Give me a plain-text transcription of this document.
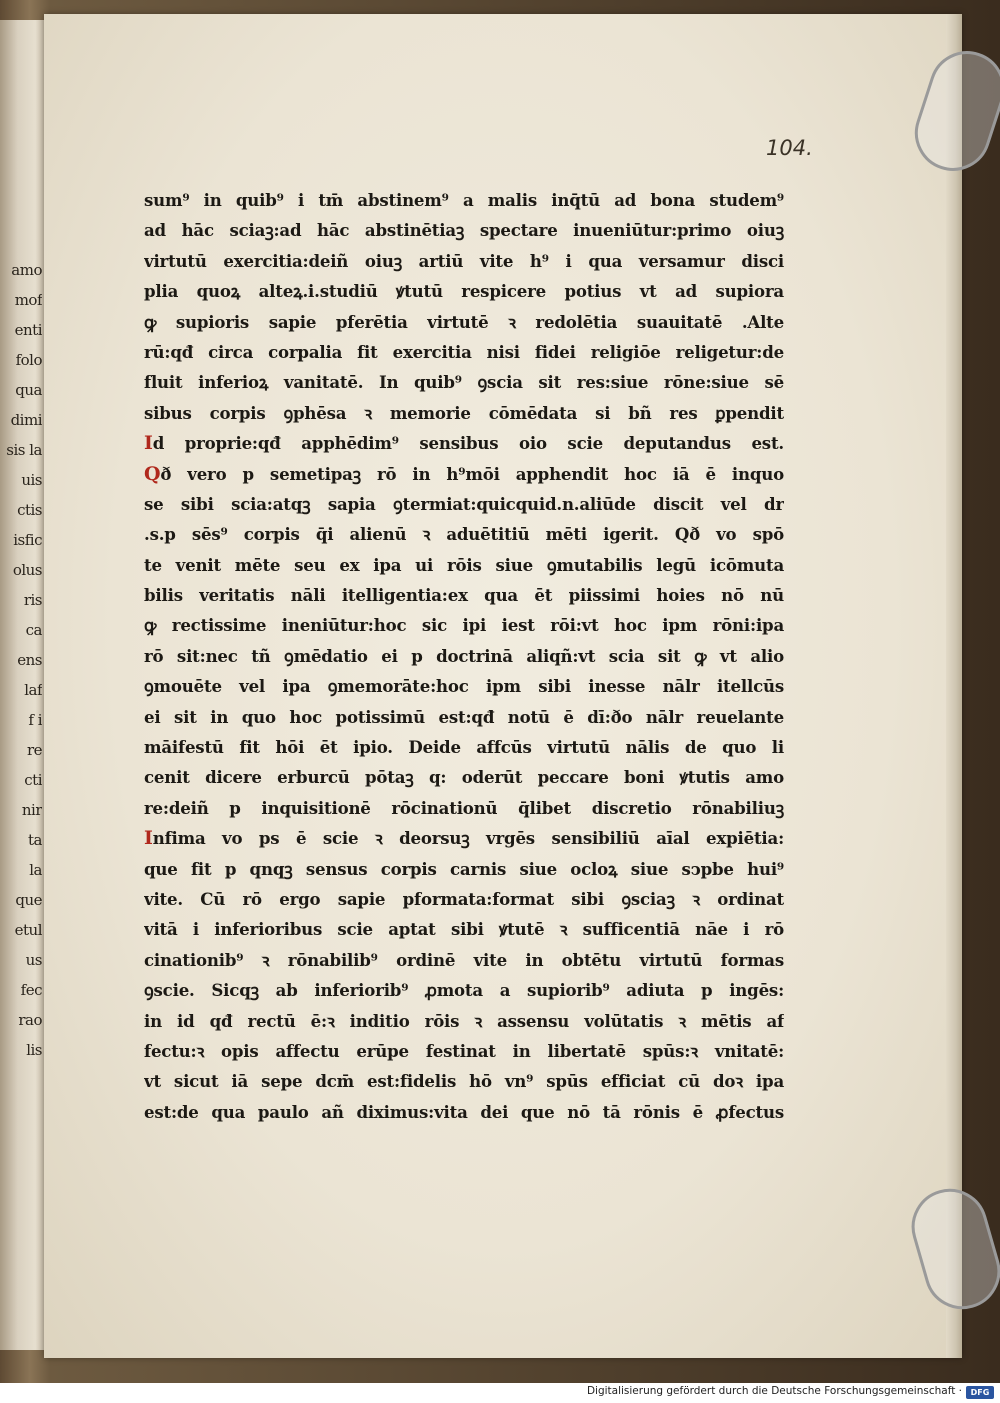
amo
mof
enti
folo
qua
dimi
sis la
uis
ctis
isfic
olus
ris
ca
ens
laf
f i
re
cti
nir
ta
la
que
etul
us
fec
rao
lis
104.
sum⁹ in quib⁹ i tm̄ abstinem⁹ a malis inq̄tū ad bona studem⁹
ad hāc sciaꝫ:ad hāc abstinētiaꝫ spectare inueniūtur:primo oiuꝫ
virtutū exercitia:deiñ oiuꝫ artiū vite h⁹ i qua versamur disci
plia quoꝝ alteꝝ.i.studiū ꝟtutū respicere potius vt ad supiora
ꝙ supioris sapie pferētia virtutē ꝛ redolētia suauitatē .Alte
rū:qđ circa corpalia fit exercitia nisi fidei religiōe religetur:de
fluit inferioꝝ vanitatē. In quib⁹ ꝯscia sit res:siue rōne:siue sē
sibus corpis ꝯphēsa ꝛ memorie cōmēdata si bñ res ꝑpendit
Id proprie:qđ apphēdim⁹ sensibus oio scie deputandus est.
Qð vero p semetipaꝫ rō in h⁹mōi apphendit hoc iā ē inquo
se sibi scia:atqꝫ sapia ꝯtermiat:quicquid.n.aliūde discit vel dr
.s.p sēs⁹ corpis q̄i alienū ꝛ aduētitiū mēti igerit. Qð vo spō
te venit mēte seu ex ipa ui rōis siue ꝯmutabilis legū icōmuta
bilis veritatis nāli itelligentia:ex qua ēt piissimi hoies nō nū
ꝙ rectissime ineniūtur:hoc sic ipi iest rōi:vt hoc ipm rōni:ipa
rō sit:nec tñ ꝯmēdatio ei p doctrinā aliqñ:vt scia sit ꝙ vt alio
ꝯmouēte vel ipa ꝯmemorāte:hoc ipm sibi inesse nālr itellcūs
ei sit in quo hoc potissimū est:qđ notū ē dī:ðo nālr reuelante
māifestū fit hōi ēt ipio. Deide affcūs virtutū nālis de quo li
cenit dicere erburcū pōtaꝫ q: oderūt peccare boni ꝟtutis amo
re:deiñ p inquisitionē rōcinationū q̄libet discretio rōnabiliuꝫ
Infima vo ps ē scie ꝛ deorsuꝫ vrgēs sensibiliū aīal expiētia:
que fit p qnqꝫ sensus corpis carnis siue ocloꝝ siue sↄpbe hui⁹
vite. Cū rō ergo sapie pformata:format sibi ꝯsciaꝫ ꝛ ordinat
vitā i inferioribus scie aptat sibi ꝟtutē ꝛ sufficentiā nāe i rō
cinationib⁹ ꝛ rōnabilib⁹ ordinē vite in obtētu virtutū formas
ꝯscie. Sicqꝫ ab inferiorib⁹ ꝓmota a supiorib⁹ adiuta p ingēs:
in id qđ rectū ē:ꝛ inditio rōis ꝛ assensu volūtatis ꝛ mētis af
fectu:ꝛ opis affectu erūpe festinat in libertatē spūs:ꝛ vnitatē:
vt sicut iā sepe dcm̄ est:fidelis hō vn⁹ spūs efficiat cū doꝛ ipa
est:de qua paulo añ diximus:vita dei que nō tā rōnis ē ꝓfectus
Digitalisierung gefördert durch die Deutsche Forschungsgemeinschaft ·	DFG
